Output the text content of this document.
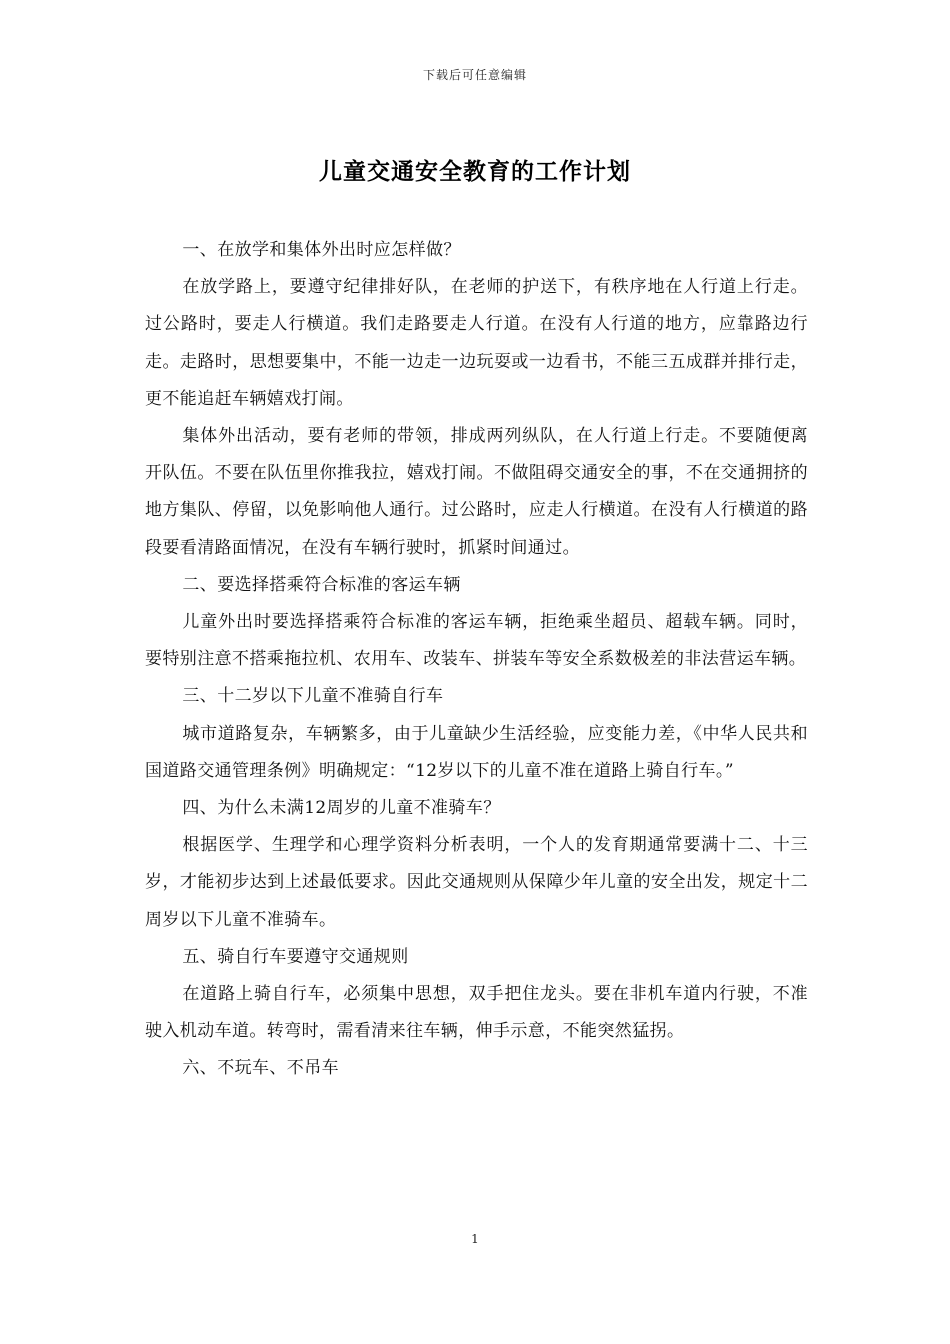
下载后可任意编辑
儿童交通安全教育的工作计划

一、在放学和集体外出时应怎样做？

在放学路上，要遵守纪律排好队，在老师的护送下，有秩序地在人行道上行走。过公路时，要走人行横道。我们走路要走人行道。在没有人行道的地方，应靠路边行走。走路时，思想要集中，不能一边走一边玩耍或一边看书，不能三五成群并排行走，更不能追赶车辆嬉戏打闹。

集体外出活动，要有老师的带领，排成两列纵队，在人行道上行走。不要随便离开队伍。不要在队伍里你推我拉，嬉戏打闹。不做阻碍交通安全的事，不在交通拥挤的地方集队、停留，以免影响他人通行。过公路时，应走人行横道。在没有人行横道的路段要看清路面情况，在没有车辆行驶时，抓紧时间通过。

二、要选择搭乘符合标准的客运车辆

儿童外出时要选择搭乘符合标准的客运车辆，拒绝乘坐超员、超载车辆。同时，要特别注意不搭乘拖拉机、农用车、改装车、拼装车等安全系数极差的非法营运车辆。

三、十二岁以下儿童不准骑自行车

城市道路复杂，车辆繁多，由于儿童缺少生活经验，应变能力差，《中华人民共和国道路交通管理条例》明确规定：“12岁以下的儿童不准在道路上骑自行车。”

四、为什么未满12周岁的儿童不准骑车？

根据医学、生理学和心理学资料分析表明，一个人的发育期通常要满十二、十三岁，才能初步达到上述最低要求。因此交通规则从保障少年儿童的安全出发，规定十二周岁以下儿童不准骑车。

五、骑自行车要遵守交通规则

在道路上骑自行车，必须集中思想，双手把住龙头。要在非机车道内行驶，不准驶入机动车道。转弯时，需看清来往车辆，伸手示意，不能突然猛拐。

六、不玩车、不吊车

1
